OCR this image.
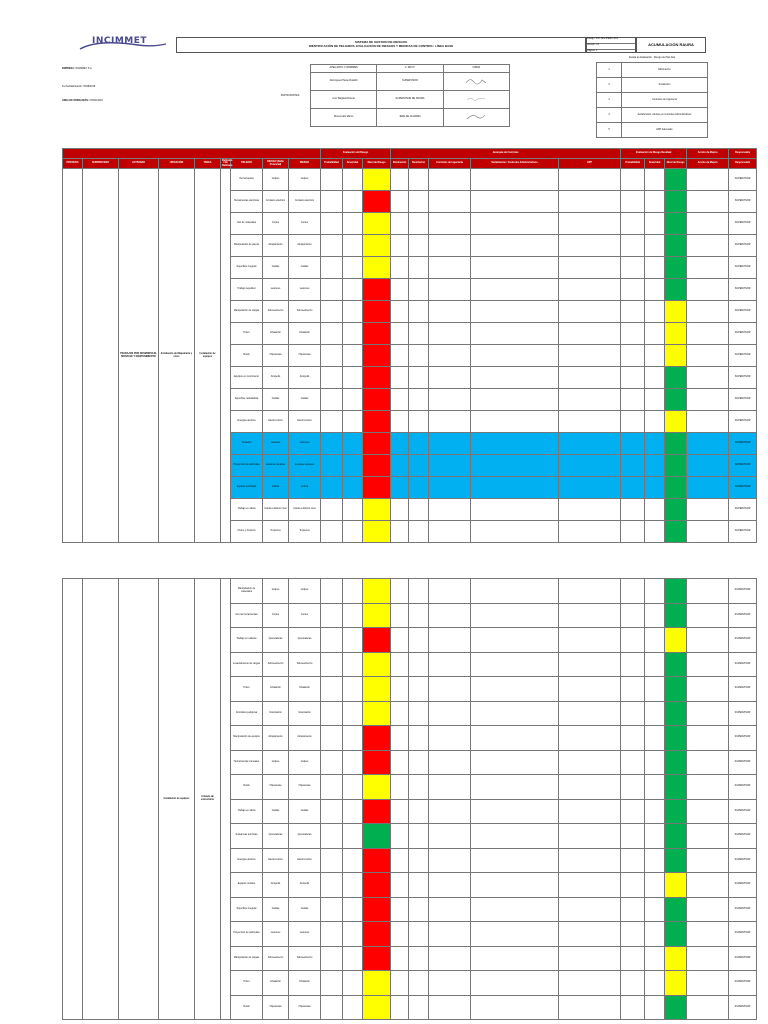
INCIMMET	SISTEMA DE GESTION DE RIESGOS
IDENTIFICACIÓN DE PELIGROS, EVALUACIÓN DE RIESGOS Y MEDIDAS DE CONTROL: LÍNEA BASE
Código: INC-SIG-IPERC-F01
Versión: 01
Página: 1
ACUMULACIÓN RAURA
EMPRESA: INCIMMET S.A.
Fecha Elaboración: 25/08/2018
ÁREA DE OPERACIÓN: CHANCADO
PARTICIPANTES
APELLIDOS Y NOMBRES	C. DNI N°	FIRMA
Dominguez Pante Rodolfo	SUPERVISOR	
Cruz Baptista Roscar	SUPERVISOR DE SSOMA	
Moncerrato Marco	JEFE DE GUARDIA	
Escala de Evaluación - Riesgo de Plan Alta
1	Eliminación
2	Sustitución
3	Controles de Ingeniería
4	Señalización, Alertas y/o Controles Administrativos
5	EPP Adecuado
									Evaluación del Riesgo			Jerarquía de Controles					Evaluación de Riesgo Residual			Acción de Mejora	Responsable
PROCESO	SUBPROCESO	ACTIVIDAD	UBICACIÓN	TAREA	Rutinaria / No Rutinaria	PELIGRO	RIESGO (Daño Potencial)	RIESGO	Probabilidad	Severidad	Nivel de Riesgo	Eliminación	Sustitución	Controles de Ingeniería	Señalización / Controles Administrativos	EPP	Probabilidad	Severidad	Nivel de Riesgo	Acción de Mejora	Responsable
		TRABAJOS POR DESMONTAJE, MONTAJE Y MANTENIMIENTO	Instalación de Maquinaria y otros	Instalación de equipos		Herramientas	Golpes	Golpes													SUPERVISOR
						Herramientas eléctricas	Contacto eléctrico	Contacto eléctrico													SUPERVISOR
						Uso de materiales	Cortes	Cortes													SUPERVISOR
						Manipulación de piezas	Atrapamiento	Atrapamiento													SUPERVISOR
						Superficie irregular	Caídas	Caídas													SUPERVISOR
						Trabajo repetitivo	Lesiones	Lesiones													SUPERVISOR
						Manipulación de cargas	Sobreesfuerzo	Sobreesfuerzo													SUPERVISOR
						Polvo	Inhalación	Inhalación													SUPERVISOR
						Ruido	Hipoacusia	Hipoacusia													SUPERVISOR
						Equipos en movimiento	Atropello	Atropello													SUPERVISOR
						Superficie resbaladiza	Caídas	Caídas													SUPERVISOR
						Energía eléctrica	Electrocución	Electrocución													SUPERVISOR
						Vibración	Lesiones	Lesiones													SUPERVISOR
						Proyección de partículas	Lesiones oculares	Lesiones oculares													SUPERVISOR
						Espacio confinado	Asfixia	Asfixia													SUPERVISOR
						Trabajo en altura	Caída a distinto nivel	Caída a distinto nivel													SUPERVISOR
						Orden y limpieza	Tropiezos	Tropiezos													SUPERVISOR
			Instalación de equipos	Armado de estructuras		Manipulación de materiales	Golpes	Golpes													SUPERVISOR
						Uso de herramientas	Cortes	Cortes													SUPERVISOR
						Trabajo en caliente	Quemaduras	Quemaduras													SUPERVISOR
						Levantamiento de cargas	Sobreesfuerzo	Sobreesfuerzo													SUPERVISOR
						Polvo	Inhalación	Inhalación													SUPERVISOR
						Atmósfera peligrosa	Intoxicación	Intoxicación													SUPERVISOR
						Manipulación de equipos	Atrapamiento	Atrapamiento													SUPERVISOR
						Herramientas manuales	Golpes	Golpes													SUPERVISOR
						Ruido	Hipoacusia	Hipoacusia													SUPERVISOR
						Trabajo en altura	Caídas	Caídas													SUPERVISOR
						Sustancias químicas	Quemaduras	Quemaduras													SUPERVISOR
						Energía eléctrica	Electrocución	Electrocución													SUPERVISOR
						Equipos móviles	Atropello	Atropello													SUPERVISOR
						Superficie irregular	Caídas	Caídas													SUPERVISOR
						Proyección de partículas	Lesiones	Lesiones													SUPERVISOR
						Manipulación de cargas	Sobreesfuerzo	Sobreesfuerzo													SUPERVISOR
						Polvo	Inhalación	Inhalación													SUPERVISOR
						Ruido	Hipoacusia	Hipoacusia													SUPERVISOR
